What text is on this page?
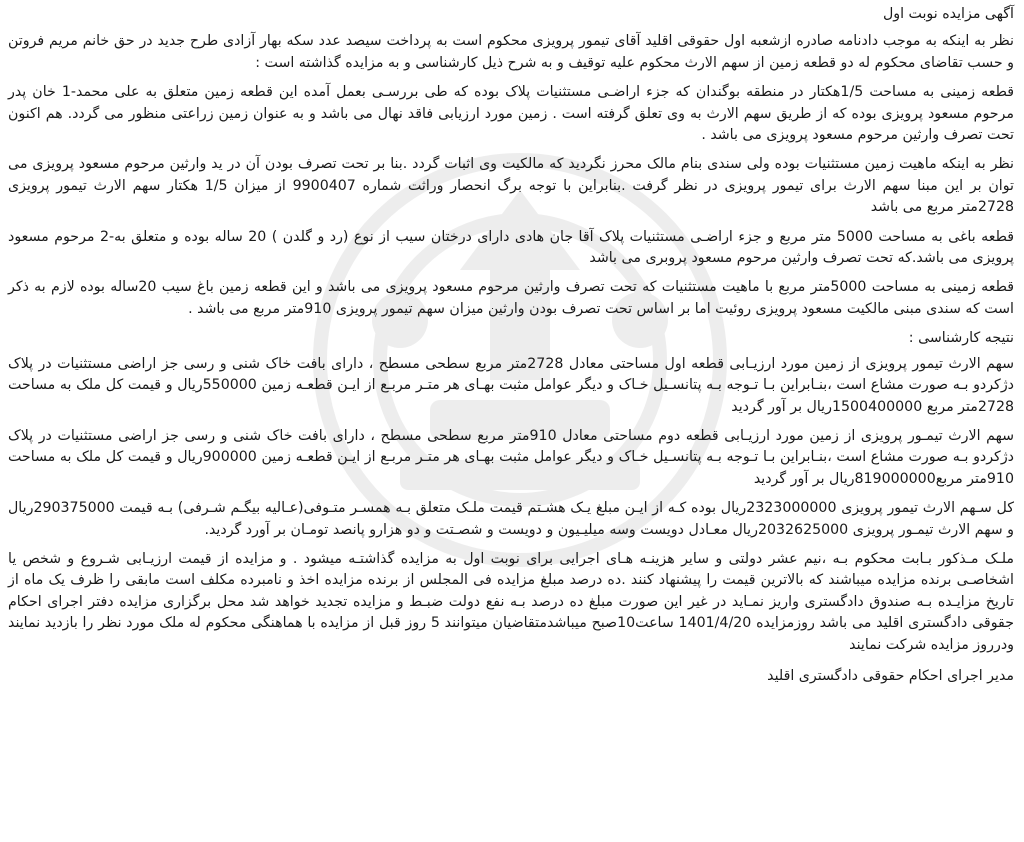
آگهی مزایده نوبت اول

نظر به اینکه به موجب دادنامه صادره ازشعبه اول حقوقی اقلید آقای تیمور پرویزی محکوم است به پرداخت سیصد عدد سکه بهار آزادی طرح جدید در حق خانم مریم فروتن و حسب تقاضای محکوم له دو قطعه زمین از سهم الارث محکوم علیه توقیف و به شرح ذیل کارشناسی و به مزایده گذاشته است :

قطعه زمینی به مساحت 1/5هکتار در منطقه بوگندان که جزء اراضـی مستثنیات پلاک بوده که طی بررسـی بعمل آمده این قطعه زمین متعلق به علی محمد-1 خان پدر مرحوم مسعود پرویزی بوده که از طریق سهم الارث به وی تعلق گرفته است . زمین مورد ارزیابی فاقد نهال می باشد و به عنوان زمین زراعتی منظور می گردد. هم اکنون تحت تصرف وارثین مرحوم مسعود پرویزی می باشد .

نظر به اینکه ماهیت زمین مستثنیات بوده ولی سندی بنام مالک محرز نگردید که مالکیت وی اثبات گردد .بنا بر تحت تصرف بودن آن در ید وارثین مرحوم مسعود پرویزی می توان بر این مبنا سهم الارث برای تیمور پرویزی در نظر گرفت .بنابراین با توجه برگ انحصار وراثت شماره 9900407 از میزان 1/5 هکتار سهم الارث تیمور پرویزی 2728متر مربع می باشد

قطعه باغی به مساحت 5000 متر مربع و جزء اراضـی مستثنیات پلاک آقا جان هادی دارای درختان سیب از نوع (رد و گلدن ) 20 ساله بوده و متعلق به-2 مرحوم مسعود پرویزی می باشد.که تحت تصرف وارثین مرحوم مسعود پروبری می باشد

قطعه زمینی به مساحت 5000متر مربع با ماهیت مستثنیات که تحت تصرف وارثین مرحوم مسعود پرویزی می باشد و این قطعه زمین باغ سیب 20ساله بوده لازم به ذکر است که سندی مبنی مالکیت مسعود پرویزی روئیت اما بر اساس تحت تصرف بودن وارثین میزان سهم تیمور پرویزی 910متر مربع می باشد .

نتیجه کارشناسی :

سهم الارث تیمور پرویزی از زمین مورد ارزیـابی قطعه اول مساحتی معادل 2728متر مربع سطحی مسطح ، دارای بافت خاک شنی و رسی جز اراضی مستثنیات در پلاک دژکردو بـه صورت مشاع است ،بنـابراین بـا تـوجه بـه پتانسـیل خـاک و دیگر عوامل مثبت بهـای هر متـر مربـع از ایـن قطعـه زمین 550000ریال و قیمت کل ملک به مساحت 2728متر مربع 1500400000ریال بر آور گردید

سهم الارث تیمـور پرویزی از زمین مورد ارزیـابی قطعه دوم مساحتی معادل 910متر مربع سطحی مسطح ، دارای بافت خاک شنی و رسی جز اراضی مستثنیات در پلاک دژکردو بـه صورت مشاع است ،بنـابراین بـا تـوجه بـه پتانسـیل خـاک و دیگر عوامل مثبت بهـای هر متـر مربـع از ایـن قطعـه زمین 900000ریال و قیمت کل ملک به مساحت 910متر مربع819000000ریال بر آور گردید

کل سـهم الارث تیمور پرویزی 2323000000ریال بوده کـه از ایـن مبلغ یـک هشـتم قیمت ملـک متعلق بـه همسـر متـوفی(عـالیه بیگـم شـرفی) بـه قیمت 290375000ریال و سهم الارث تیمـور پرویزی 2032625000ریال معـادل دویست وسه میلیـیون و دویست و شصـتت و دو هزارو پانصد تومـان بر آورد گردید.

ملـک مـذکور بـابت محکوم بـه ،نیم عشر دولتی و سایر هزینـه هـای اجرایی برای نوبت اول به مزایده گذاشتـه میشود . و مزایده از قیمت ارزیـابی شـروع و شخص یا اشخاصـی برنده مزایده میباشند که بالاترین قیمت را پیشنهاد کنند .ده درصد مبلغ مزایده فی المجلس از برنده مزایده اخذ و نامبرده مکلف است مابقی را ظرف یک ماه از تاریخ مزایـده بـه صندوق دادگستری واریز نمـاید در غیر این صورت مبلغ ده درصد بـه نفع دولت ضبـط و مزایده تجدید خواهد شد محل برگزاری مزایده دفتر اجرای احکام جقوقی دادگستری اقلید می باشد روزمزایده 1401/4/20 ساعت10صبح میباشدمتقاضیان میتوانند 5 روز قبل از مزایده با هماهنگی محکوم له ملک مورد نظر را بازدید نمایند ودرروز مزایده شرکت نمایند

مدیر اجرای احکام حقوقی دادگستری اقلید
